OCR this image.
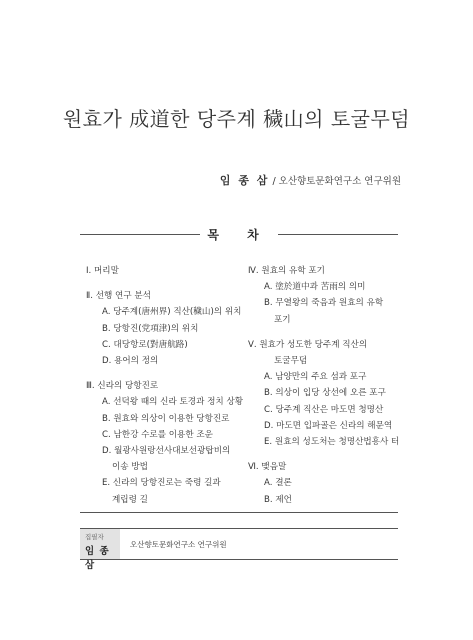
원효가 成道한 당주계 穢山의 토굴무덤
임 종 삼 / 오산향토문화연구소 연구위원
목 차
Ⅰ. 머리말
Ⅱ. 선행 연구 분석
A. 당주계(唐州界) 직산(穢山)의 위치
B. 당항진(党項津)의 위치
C. 대당항로(對唐航路)
D. 용어의 정의
Ⅲ. 신라의 당항진로
A. 선덕왕 때의 신라 토경과 정치 상황
B. 원효와 의상이 이용한 당항진로
C. 남한강 수로를 이용한 조운
D. 월광사원랑선사대보선광탑비의
이송 방법
E. 신라의 당항진로는 죽령 길과
계립령 길
Ⅳ. 원효의 유학 포기
A. 塗於道中과 苦雨의 의미
B. 무열왕의 죽음과 원효의 유학
포기
Ⅴ. 원효가 성도한 당주계 직산의
토굴무덤
A. 남양만의 주요 섬과 포구
B. 의상이 입당 상선에 오른 포구
C. 당주계 직산은 마도면 청명산
D. 마도면 입파골은 신라의 해문역
E. 원효의 성도처는 청명산법흥사 터
Ⅵ. 맺음말
A. 결론
B. 제언
집필자
임 종 삼
오산향토문화연구소 연구위원
